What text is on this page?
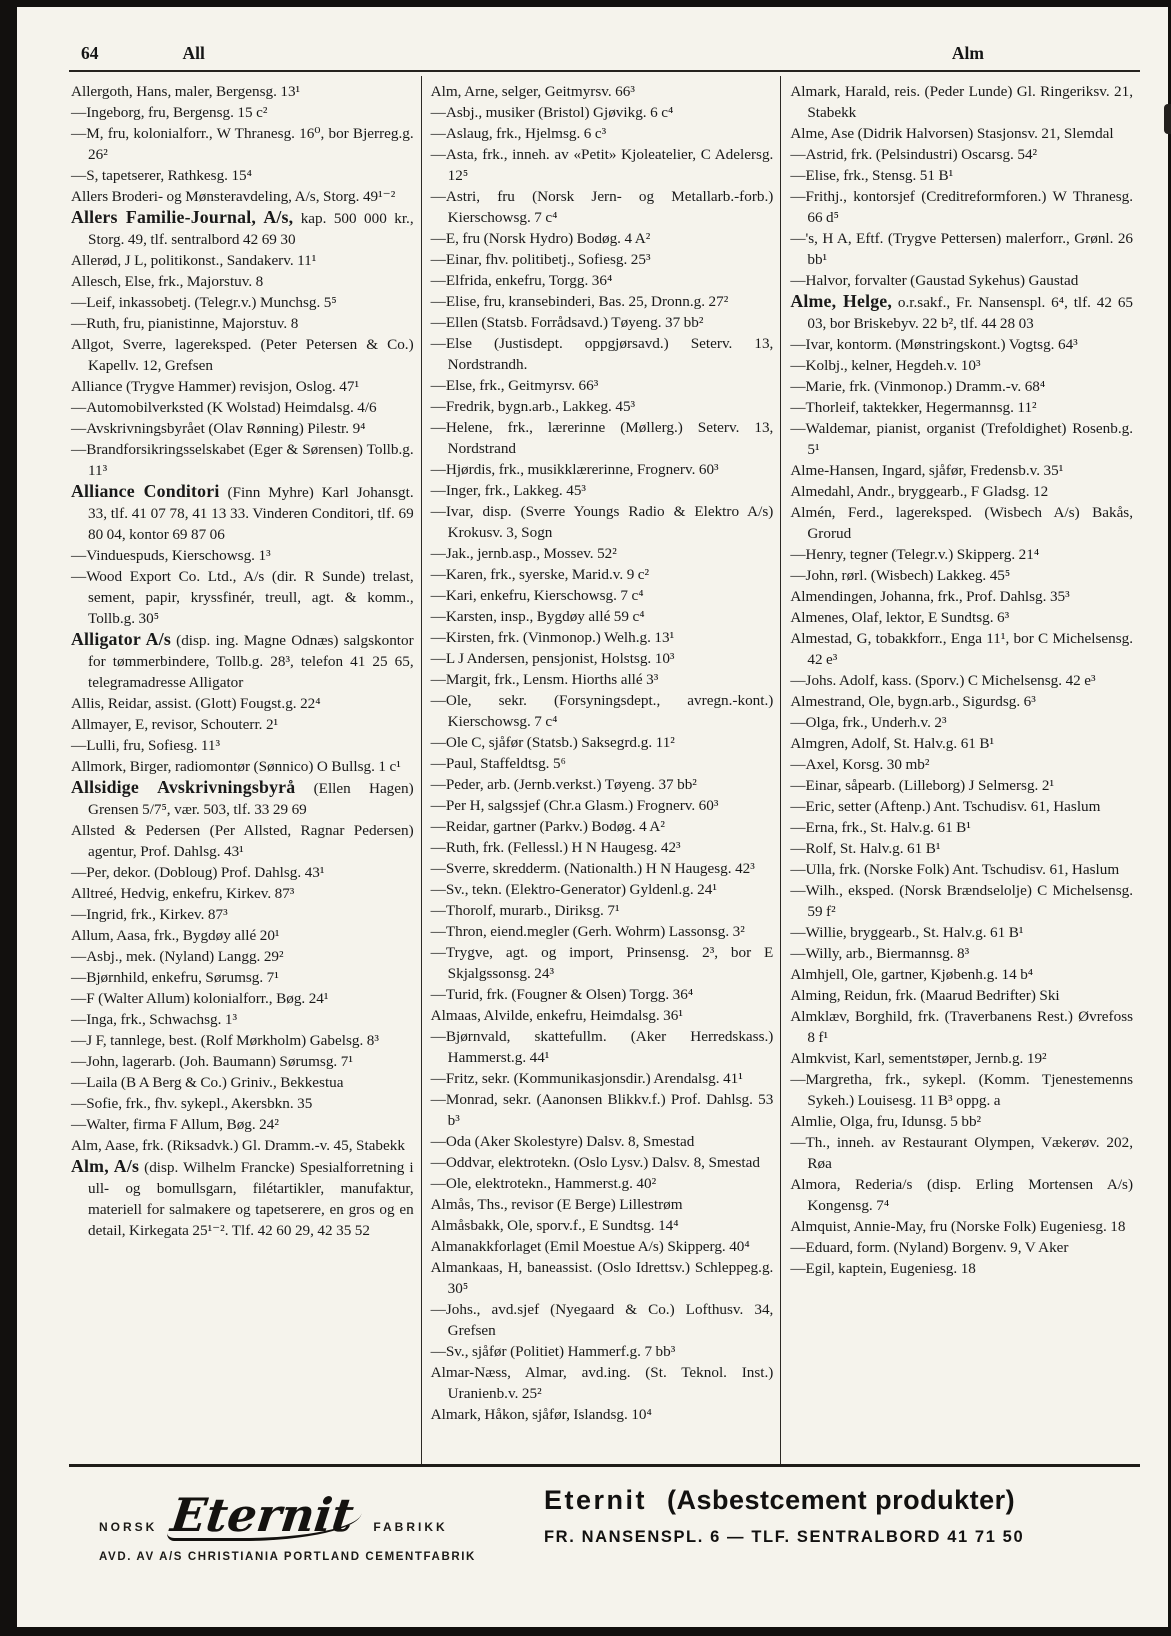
64	All	Alm

Allergoth, Hans, maler, Bergensg. 13¹

—Ingeborg, fru, Bergensg. 15 c²

—M, fru, kolonialforr., W Thranesg. 16⁰, bor Bjerreg.g. 26²

—S, tapetserer, Rathkesg. 15⁴

Allers Broderi- og Mønsteravdeling, A/s, Storg. 49¹⁻²

Allers Familie-Journal, A/s, kap. 500 000 kr., Storg. 49, tlf. sentralbord 42 69 30

Allerød, J L, politikonst., Sandakerv. 11¹

Allesch, Else, frk., Majorstuv. 8

—Leif, inkassobetj. (Telegr.v.) Munchsg. 5⁵

—Ruth, fru, pianistinne, Majorstuv. 8

Allgot, Sverre, lagereksped. (Peter Petersen & Co.) Kapellv. 12, Grefsen

Alliance (Trygve Hammer) revisjon, Oslog. 47¹

—Automobilverksted (K Wolstad) Heimdalsg. 4/6

—Avskrivningsbyrået (Olav Rønning) Pilestr. 9⁴

—Brandforsikringsselskabet (Eger & Sørensen) Tollb.g. 11³

Alliance Conditori (Finn Myhre) Karl Johansgt. 33, tlf. 41 07 78, 41 13 33. Vinderen Conditori, tlf. 69 80 04, kontor 69 87 06

—Vinduespuds, Kierschowsg. 1³

—Wood Export Co. Ltd., A/s (dir. R Sunde) trelast, sement, papir, kryssfinér, treull, agt. & komm., Tollb.g. 30⁵

Alligator A/s (disp. ing. Magne Odnæs) salgskontor for tømmerbindere, Tollb.g. 28³, telefon 41 25 65, telegramadresse Alligator

Allis, Reidar, assist. (Glott) Fougst.g. 22⁴

Allmayer, E, revisor, Schouterr. 2¹

—Lulli, fru, Sofiesg. 11³

Allmork, Birger, radiomontør (Sønnico) O Bullsg. 1 c¹

Allsidige Avskrivningsbyrå (Ellen Hagen) Grensen 5/7⁵, vær. 503, tlf. 33 29 69

Allsted & Pedersen (Per Allsted, Ragnar Pedersen) agentur, Prof. Dahlsg. 43¹

—Per, dekor. (Dobloug) Prof. Dahlsg. 43¹

Alltreé, Hedvig, enkefru, Kirkev. 87³

—Ingrid, frk., Kirkev. 87³

Allum, Aasa, frk., Bygdøy allé 20¹

—Asbj., mek. (Nyland) Langg. 29²

—Bjørnhild, enkefru, Sørumsg. 7¹

—F (Walter Allum) kolonialforr., Bøg. 24¹

—Inga, frk., Schwachsg. 1³

—J F, tannlege, best. (Rolf Mørkholm) Gabelsg. 8³

—John, lagerarb. (Joh. Baumann) Sørumsg. 7¹

—Laila (B A Berg & Co.) Griniv., Bekkestua

—Sofie, frk., fhv. sykepl., Akersbkn. 35

—Walter, firma F Allum, Bøg. 24²

Alm, Aase, frk. (Riksadvk.) Gl. Dramm.-v. 45, Stabekk

Alm, A/s (disp. Wilhelm Francke) Spesialforretning i ull- og bomullsgarn, filétartikler, manufaktur, materiell for salmakere og tapetserere, en gros og en detail, Kirkegata 25¹⁻². Tlf. 42 60 29, 42 35 52

Alm, Arne, selger, Geitmyrsv. 66³

—Asbj., musiker (Bristol) Gjøvikg. 6 c⁴

—Aslaug, frk., Hjelmsg. 6 c³

—Asta, frk., inneh. av «Petit» Kjoleatelier, C Adelersg. 12⁵

—Astri, fru (Norsk Jern- og Metallarb.-forb.) Kierschowsg. 7 c⁴

—E, fru (Norsk Hydro) Bodøg. 4 A²

—Einar, fhv. politibetj., Sofiesg. 25³

—Elfrida, enkefru, Torgg. 36⁴

—Elise, fru, kransebinderi, Bas. 25, Dronn.g. 27²

—Ellen (Statsb. Forrådsavd.) Tøyeng. 37 bb²

—Else (Justisdept. oppgjørsavd.) Seterv. 13, Nordstrandh.

—Else, frk., Geitmyrsv. 66³

—Fredrik, bygn.arb., Lakkeg. 45³

—Helene, frk., lærerinne (Møllerg.) Seterv. 13, Nordstrand

—Hjørdis, frk., musikklærerinne, Frognerv. 60³

—Inger, frk., Lakkeg. 45³

—Ivar, disp. (Sverre Youngs Radio & Elektro A/s) Krokusv. 3, Sogn

—Jak., jernb.asp., Mossev. 52²

—Karen, frk., syerske, Marid.v. 9 c²

—Kari, enkefru, Kierschowsg. 7 c⁴

—Karsten, insp., Bygdøy allé 59 c⁴

—Kirsten, frk. (Vinmonop.) Welh.g. 13¹

—L J Andersen, pensjonist, Holstsg. 10³

—Margit, frk., Lensm. Hiorths allé 3³

—Ole, sekr. (Forsyningsdept., avregn.-kont.) Kierschowsg. 7 c⁴

—Ole C, sjåfør (Statsb.) Saksegrd.g. 11²

—Paul, Staffeldtsg. 5⁶

—Peder, arb. (Jernb.verkst.) Tøyeng. 37 bb²

—Per H, salgssjef (Chr.a Glasm.) Frognerv. 60³

—Reidar, gartner (Parkv.) Bodøg. 4 A²

—Ruth, frk. (Fellessl.) H N Haugesg. 42³

—Sverre, skredderm. (Nationalth.) H N Haugesg. 42³

—Sv., tekn. (Elektro-Generator) Gyldenl.g. 24¹

—Thorolf, murarb., Diriksg. 7¹

—Thron, eiend.megler (Gerh. Wohrm) Lassonsg. 3²

—Trygve, agt. og import, Prinsensg. 2³, bor E Skjalgssonsg. 24³

—Turid, frk. (Fougner & Olsen) Torgg. 36⁴

Almaas, Alvilde, enkefru, Heimdalsg. 36¹

—Bjørnvald, skattefullm. (Aker Herredskass.) Hammerst.g. 44¹

—Fritz, sekr. (Kommunikasjonsdir.) Arendalsg. 41¹

—Monrad, sekr. (Aanonsen Blikkv.f.) Prof. Dahlsg. 53 b³

—Oda (Aker Skolestyre) Dalsv. 8, Smestad

—Oddvar, elektrotekn. (Oslo Lysv.) Dalsv. 8, Smestad

—Ole, elektrotekn., Hammerst.g. 40²

Almås, Ths., revisor (E Berge) Lillestrøm

Almåsbakk, Ole, sporv.f., E Sundtsg. 14⁴

Almanakkforlaget (Emil Moestue A/s) Skipperg. 40⁴

Almankaas, H, baneassist. (Oslo Idrettsv.) Schleppeg.g. 30⁵

—Johs., avd.sjef (Nyegaard & Co.) Lofthusv. 34, Grefsen

—Sv., sjåfør (Politiet) Hammerf.g. 7 bb³

Almar-Næss, Almar, avd.ing. (St. Teknol. Inst.) Uranienb.v. 25²

Almark, Håkon, sjåfør, Islandsg. 10⁴

Almark, Harald, reis. (Peder Lunde) Gl. Ringeriksv. 21, Stabekk

Alme, Ase (Didrik Halvorsen) Stasjonsv. 21, Slemdal

—Astrid, frk. (Pelsindustri) Oscarsg. 54²

—Elise, frk., Stensg. 51 B¹

—Frithj., kontorsjef (Creditreformforen.) W Thranesg. 66 d⁵

—'s, H A, Eftf. (Trygve Pettersen) malerforr., Grønl. 26 bb¹

—Halvor, forvalter (Gaustad Sykehus) Gaustad

Alme, Helge, o.r.sakf., Fr. Nansenspl. 6⁴, tlf. 42 65 03, bor Briskebyv. 22 b², tlf. 44 28 03

—Ivar, kontorm. (Mønstringskont.) Vogtsg. 64³

—Kolbj., kelner, Hegdeh.v. 10³

—Marie, frk. (Vinmonop.) Dramm.-v. 68⁴

—Thorleif, taktekker, Hegermannsg. 11²

—Waldemar, pianist, organist (Trefoldighet) Rosenb.g. 5¹

Alme-Hansen, Ingard, sjåfør, Fredensb.v. 35¹

Almedahl, Andr., bryggearb., F Gladsg. 12

Almén, Ferd., lagereksped. (Wisbech A/s) Bakås, Grorud

—Henry, tegner (Telegr.v.) Skipperg. 21⁴

—John, rørl. (Wisbech) Lakkeg. 45⁵

Almendingen, Johanna, frk., Prof. Dahlsg. 35³

Almenes, Olaf, lektor, E Sundtsg. 6³

Almestad, G, tobakkforr., Enga 11¹, bor C Michelsensg. 42 e³

—Johs. Adolf, kass. (Sporv.) C Michelsensg. 42 e³

Almestrand, Ole, bygn.arb., Sigurdsg. 6³

—Olga, frk., Underh.v. 2³

Almgren, Adolf, St. Halv.g. 61 B¹

—Axel, Korsg. 30 mb²

—Einar, såpearb. (Lilleborg) J Selmersg. 2¹

—Eric, setter (Aftenp.) Ant. Tschudisv. 61, Haslum

—Erna, frk., St. Halv.g. 61 B¹

—Rolf, St. Halv.g. 61 B¹

—Ulla, frk. (Norske Folk) Ant. Tschudisv. 61, Haslum

—Wilh., eksped. (Norsk Brændselolje) C Michelsensg. 59 f²

—Willie, bryggearb., St. Halv.g. 61 B¹

—Willy, arb., Biermannsg. 8³

Almhjell, Ole, gartner, Kjøbenh.g. 14 b⁴

Alming, Reidun, frk. (Maarud Bedrifter) Ski

Almklæv, Borghild, frk. (Traverbanens Rest.) Øvrefoss 8 f¹

Almkvist, Karl, sementstøper, Jernb.g. 19²

—Margretha, frk., sykepl. (Komm. Tjenestemenns Sykeh.) Louisesg. 11 B³ oppg. a

Almlie, Olga, fru, Idunsg. 5 bb²

—Th., inneh. av Restaurant Olympen, Vækerøv. 202, Røa

Almora, Rederia/s (disp. Erling Mortensen A/s) Kongensg. 7⁴

Almquist, Annie-May, fru (Norske Folk) Eugeniesg. 18

—Eduard, form. (Nyland) Borgenv. 9, V Aker

—Egil, kaptein, Eugeniesg. 18

NORSK Eternit	FABRIKK
AVD. AV A/S CHRISTIANIA PORTLAND CEMENTFABRIK
Eternit (Asbestcement produkter)
FR. NANSENSPL. 6 — TLF. SENTRALBORD 41 71 50
